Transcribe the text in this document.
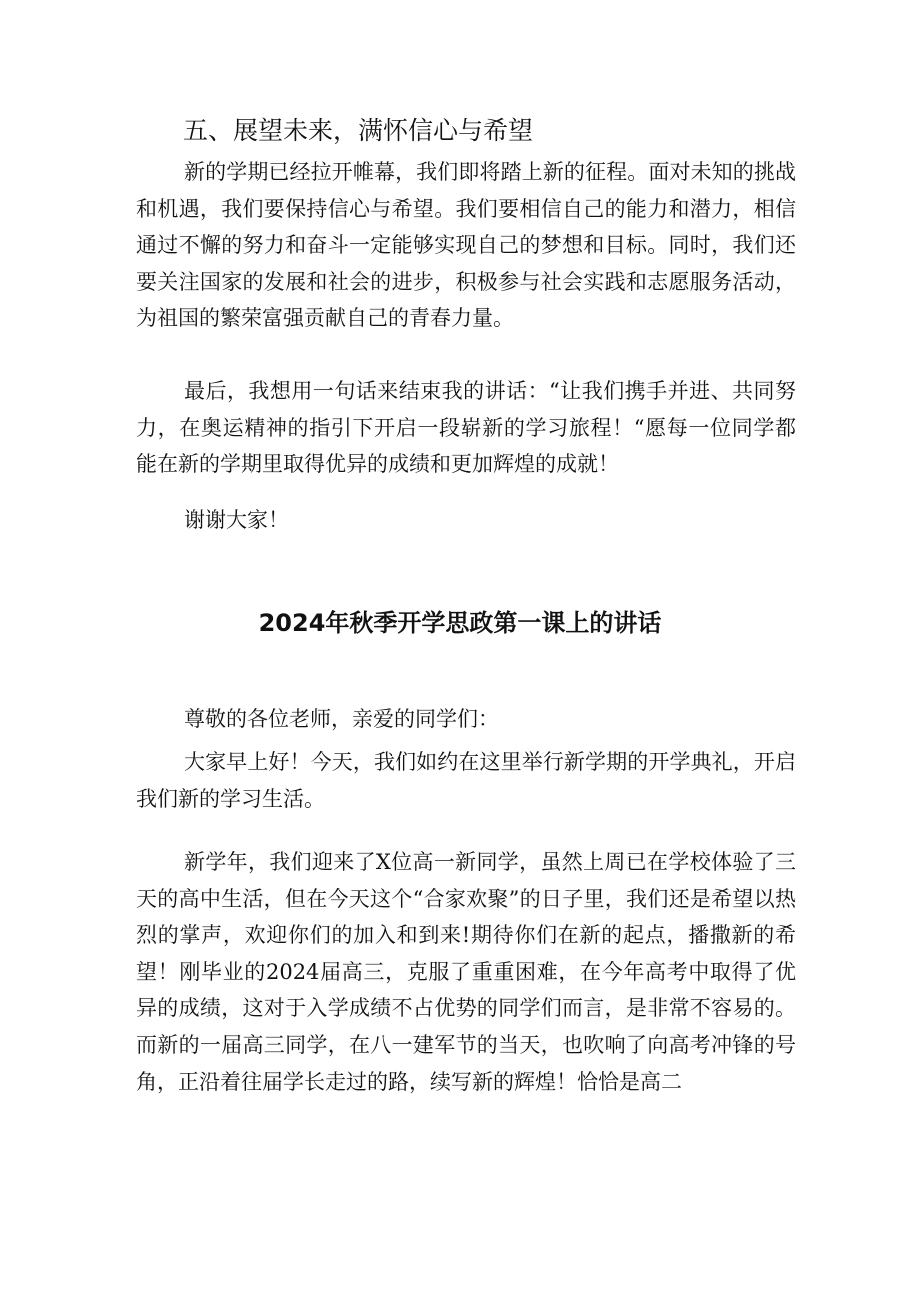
五、展望未来，满怀信心与希望

新的学期已经拉开帷幕，我们即将踏上新的征程。面对未知的挑战和机遇，我们要保持信心与希望。我们要相信自己的能力和潜力，相信通过不懈的努力和奋斗一定能够实现自己的梦想和目标。同时，我们还要关注国家的发展和社会的进步，积极参与社会实践和志愿服务活动，为祖国的繁荣富强贡献自己的青春力量。

最后，我想用一句话来结束我的讲话：“让我们携手并进、共同努力，在奥运精神的指引下开启一段崭新的学习旅程！“愿每一位同学都能在新的学期里取得优异的成绩和更加辉煌的成就！

谢谢大家！

2024年秋季开学思政第一课上的讲话

尊敬的各位老师，亲爱的同学们：

大家早上好！今天，我们如约在这里举行新学期的开学典礼，开启我们新的学习生活。

新学年，我们迎来了X位高一新同学，虽然上周已在学校体验了三天的高中生活，但在今天这个“合家欢聚”的日子里，我们还是希望以热烈的掌声，欢迎你们的加入和到来!期待你们在新的起点，播撒新的希望！刚毕业的2024届高三，克服了重重困难，在今年高考中取得了优异的成绩，这对于入学成绩不占优势的同学们而言，是非常不容易的。而新的一届高三同学，在八一建军节的当天，也吹响了向高考冲锋的号角，正沿着往届学长走过的路，续写新的辉煌！恰恰是高二
